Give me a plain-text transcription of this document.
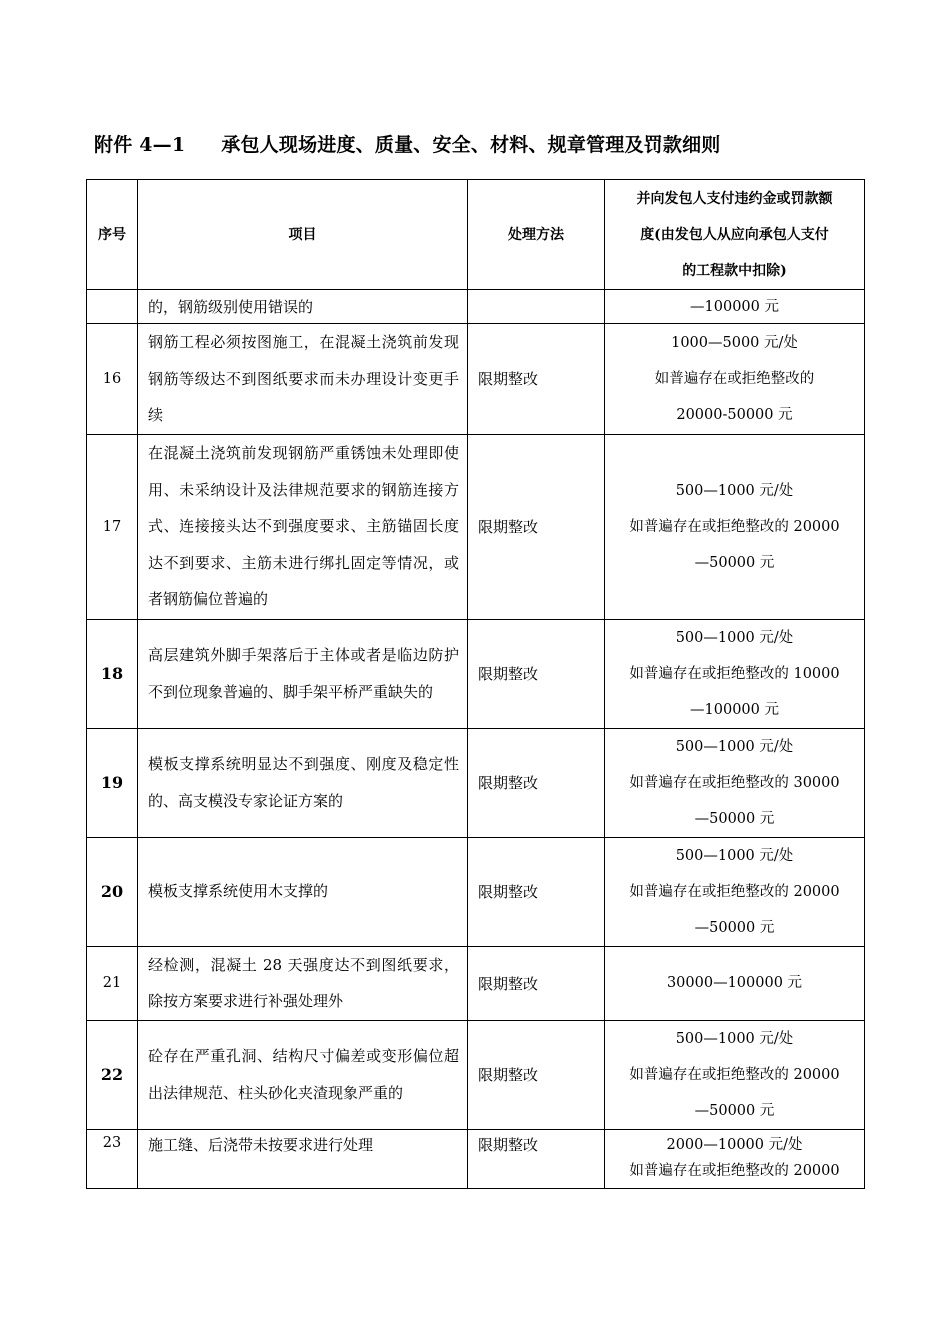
附件 4—1 承包人现场进度、质量、安全、材料、规章管理及罚款细则
序号	项目	处理方法	并向发包人支付违约金或罚款额
度(由发包人从应向承包人支付
的工程款中扣除)

	的，钢筋级别使用错误的		—100000 元

16	钢筋工程必须按图施工，在混凝土浇筑前发现钢筋等级达不到图纸要求而未办理设计变更手续	限期整改	1000—5000 元/处
如普遍存在或拒绝整改的
20000-50000 元

17	在混凝土浇筑前发现钢筋严重锈蚀未处理即使用、未采纳设计及法律规范要求的钢筋连接方式、连接接头达不到强度要求、主筋锚固长度达不到要求、主筋未进行绑扎固定等情况，或者钢筋偏位普遍的	限期整改	500—1000 元/处
如普遍存在或拒绝整改的 20000
—50000 元

18	高层建筑外脚手架落后于主体或者是临边防护不到位现象普遍的、脚手架平桥严重缺失的	限期整改	500—1000 元/处
如普遍存在或拒绝整改的 10000
—100000 元

19	模板支撑系统明显达不到强度、刚度及稳定性的、高支模没专家论证方案的	限期整改	500—1000 元/处
如普遍存在或拒绝整改的 30000
—50000 元

20	模板支撑系统使用木支撑的	限期整改	500—1000 元/处
如普遍存在或拒绝整改的 20000
—50000 元

21	经检测，混凝土 28 天强度达不到图纸要求，除按方案要求进行补强处理外	限期整改	30000—100000 元

22	砼存在严重孔洞、结构尺寸偏差或变形偏位超出法律规范、柱头砂化夹渣现象严重的	限期整改	500—1000 元/处
如普遍存在或拒绝整改的 20000
—50000 元

23	施工缝、后浇带未按要求进行处理	限期整改	2000—10000 元/处
如普遍存在或拒绝整改的 20000
